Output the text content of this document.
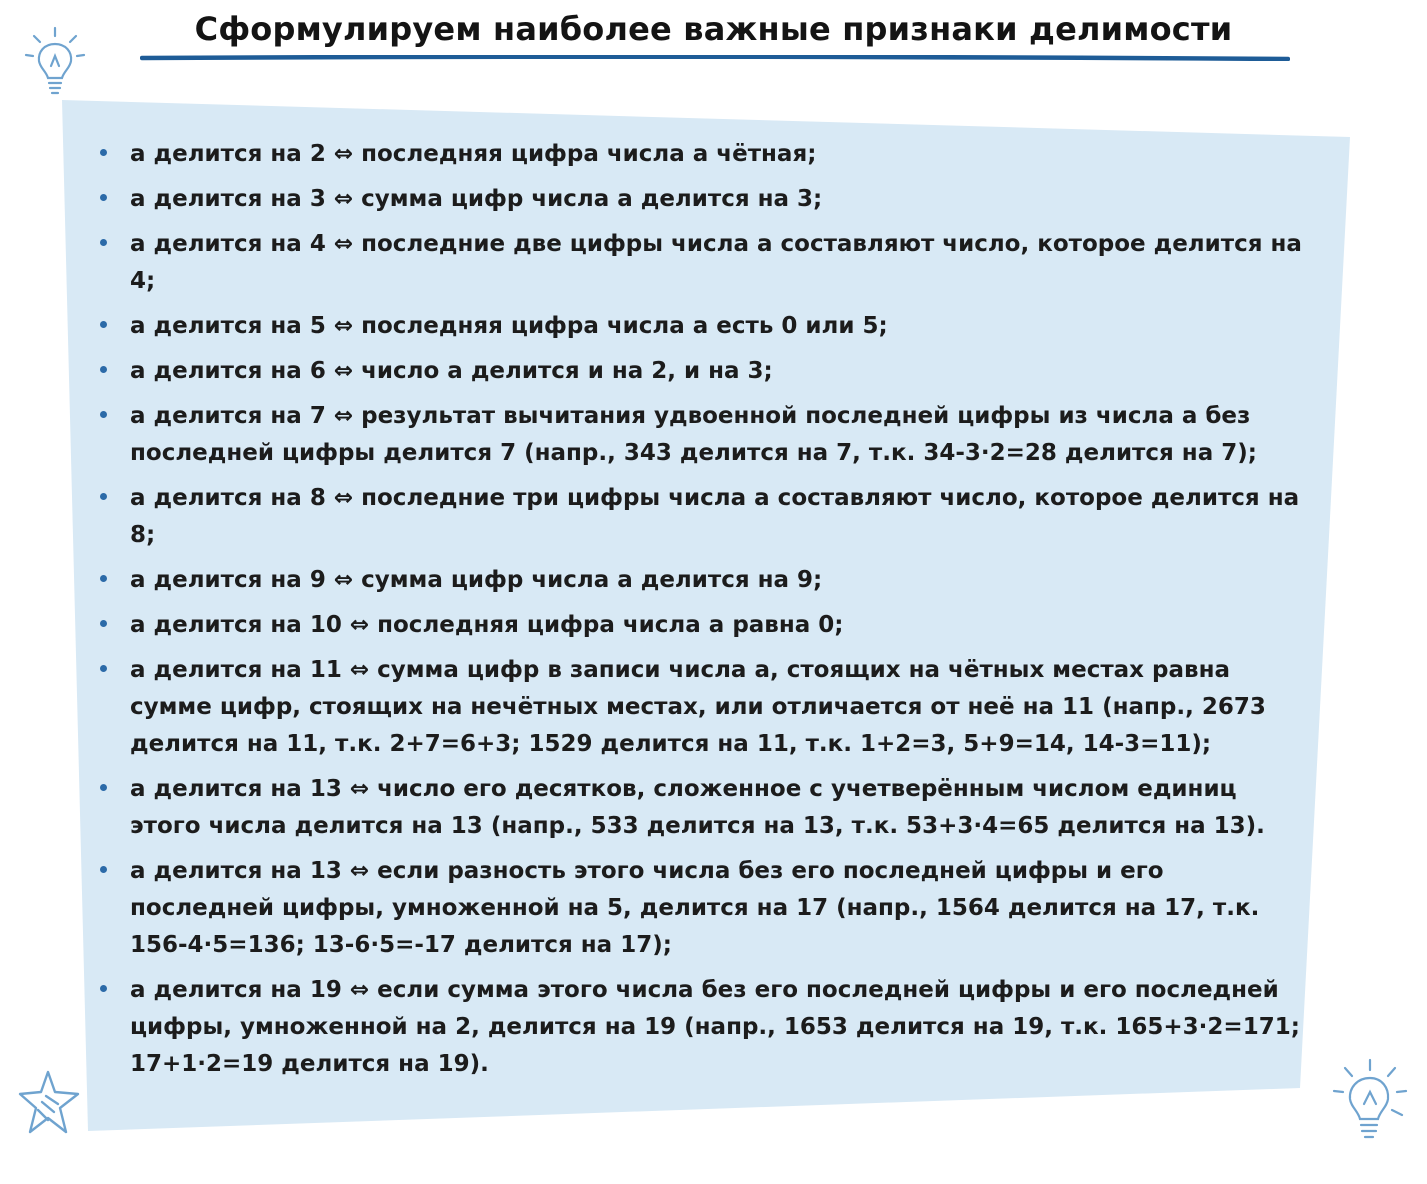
Сформулируем наиболее важные признаки делимости
а делится на 2 ⇔ последняя цифра числа а чётная;
а делится на 3 ⇔ сумма цифр числа а делится на 3;
а делится на 4 ⇔ последние две цифры числа а составляют число, которое делится на 4;
а делится на 5 ⇔ последняя цифра числа а есть 0 или 5;
а делится на 6 ⇔ число а делится и на 2, и на 3;
а делится на 7 ⇔ результат вычитания удвоенной последней цифры из числа а без последней цифры делится 7 (напр., 343 делится на 7, т.к. 34-3·2=28 делится на 7);
а делится на 8 ⇔ последние три цифры числа а составляют число, которое делится на 8;
а делится на 9 ⇔ сумма цифр числа а делится на 9;
а делится на 10 ⇔ последняя цифра числа а равна 0;
а делится на 11 ⇔ сумма цифр в записи числа а, стоящих на чётных местах равна сумме цифр, стоящих на нечётных местах, или отличается от неё на 11 (напр., 2673 делится на 11, т.к. 2+7=6+3; 1529 делится на 11, т.к. 1+2=3, 5+9=14, 14-3=11);
а делится на 13 ⇔ число его десятков, сложенное с учетверённым числом единиц этого числа делится на 13 (напр., 533 делится на 13, т.к. 53+3·4=65 делится на 13).
а делится на 13 ⇔ если разность этого числа без его последней цифры и его последней цифры, умноженной на 5, делится на 17 (напр., 1564 делится на 17, т.к. 156-4·5=136; 13-6·5=-17 делится на 17);
а делится на 19 ⇔ если сумма этого числа без его последней цифры и его последней цифры, умноженной на 2, делится на 19 (напр., 1653 делится на 19, т.к. 165+3·2=171; 17+1·2=19 делится на 19).
